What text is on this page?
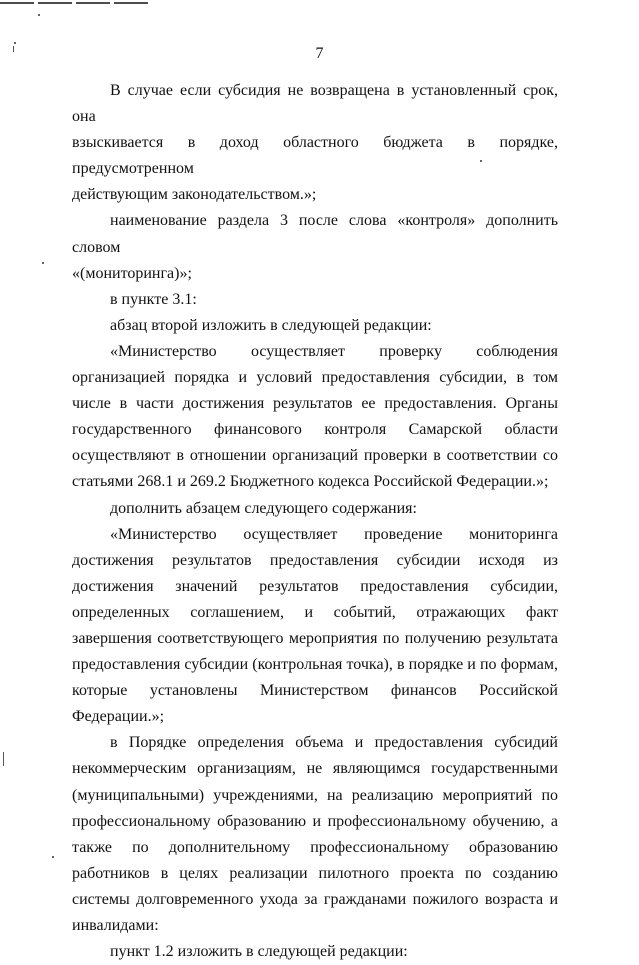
7

В случае если субсидия не возвращена в установленный срок, она

взыскивается в доход областного бюджета в порядке, предусмотренном

действующим законодательством.»;

наименование раздела 3 после слова «контроля» дополнить словом

«(мониторинга)»;

в пункте 3.1:

абзац второй изложить в следующей редакции:

«Министерство осуществляет проверку соблюдения организацией порядка и условий предоставления субсидии, в том числе в части достижения результатов ее предоставления. Органы государственного финансового контроля Самарской области осуществляют в отношении организаций проверки в соответствии со статьями 268.1 и 269.2 Бюджетного кодекса Российской Федерации.»;

дополнить абзацем следующего содержания:

«Министерство осуществляет проведение мониторинга достижения результатов предоставления субсидии исходя из достижения значений результатов предоставления субсидии, определенных соглашением, и событий, отражающих факт завершения соответствующего мероприятия по получению результата предоставления субсидии (контрольная точка), в порядке и по формам, которые установлены Министерством финансов Российской Федерации.»;

в Порядке определения объема и предоставления субсидий некоммерческим организациям, не являющимся государственными (муниципальными) учреждениями, на реализацию мероприятий по профессиональному образованию и профессиональному обучению, а также по дополнительному профессиональному образованию работников в целях реализации пилотного проекта по созданию системы долговременного ухода за гражданами пожилого возраста и инвалидами:

пункт 1.2 изложить в следующей редакции:
